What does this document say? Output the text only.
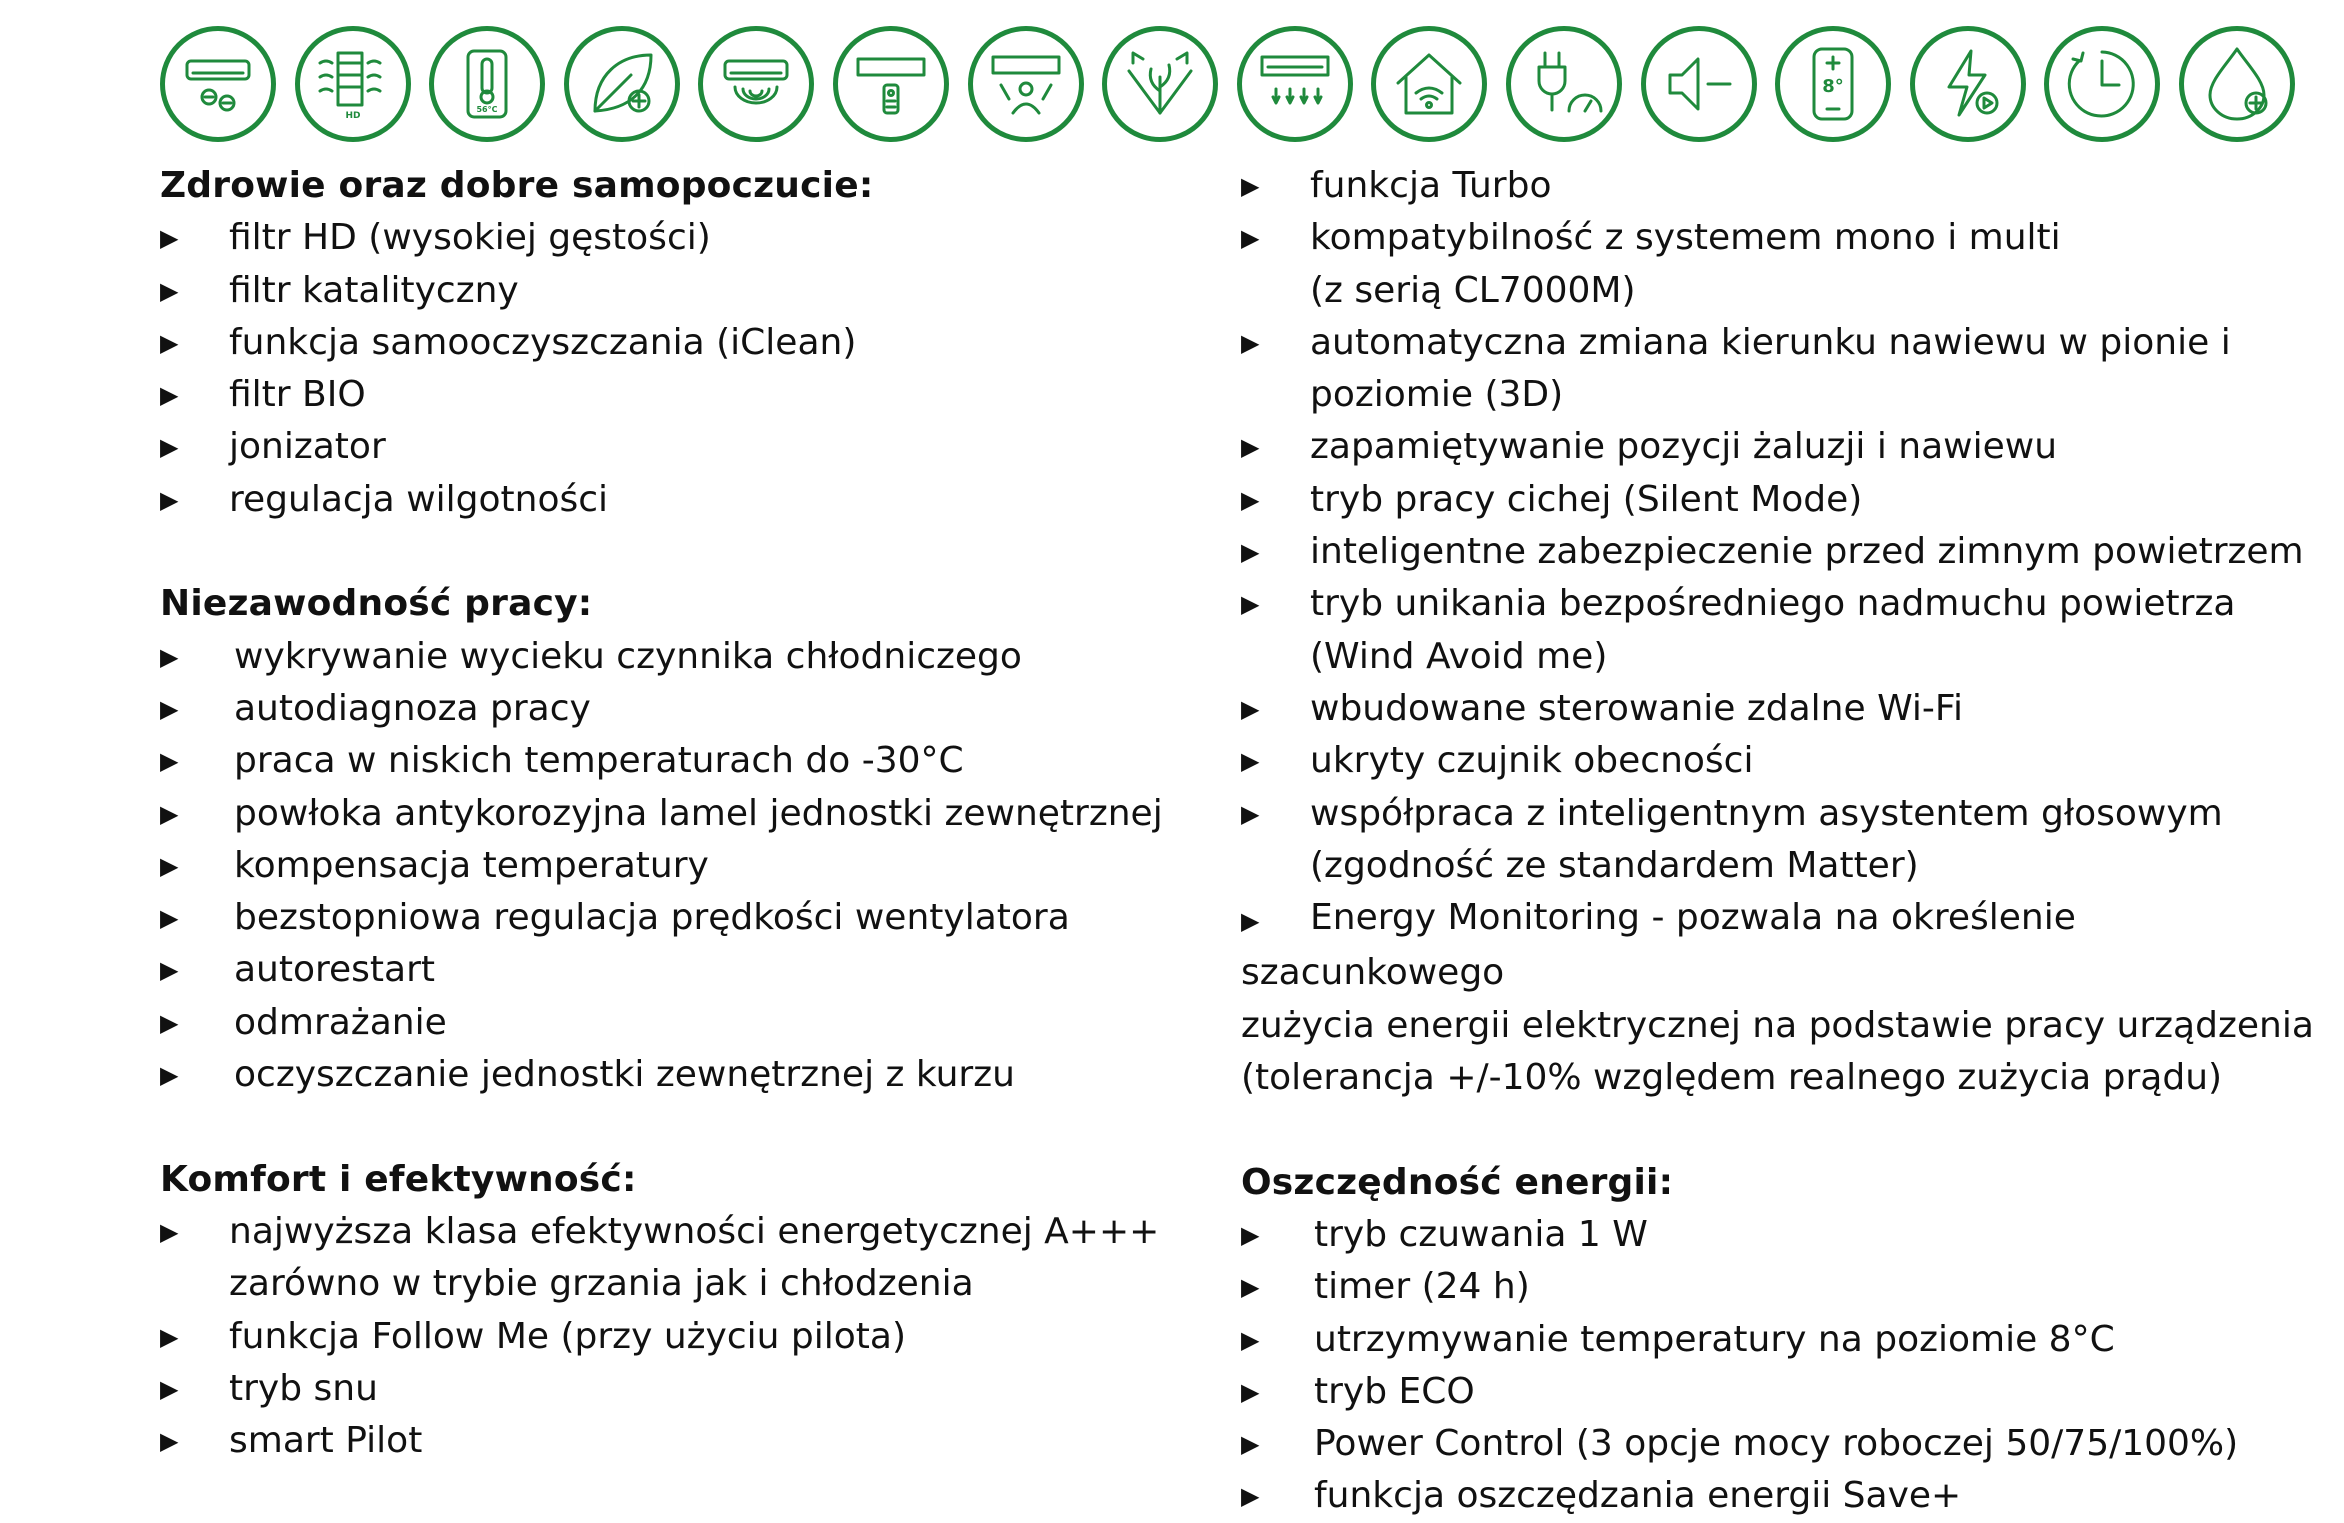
HD
56°C
8°
Zdrowie oraz dobre samopoczucie:
▶	filtr HD (wysokiej gęstości)
▶	filtr katalityczny
▶	funkcja samooczyszczania (iClean)
▶	filtr BIO
▶	jonizator
▶	regulacja wilgotności
Niezawodność pracy:
▶	wykrywanie wycieku czynnika chłodniczego
▶	autodiagnoza pracy
▶	praca w niskich temperaturach do -30°C
▶	powłoka antykorozyjna lamel jednostki zewnętrznej
▶	kompensacja temperatury
▶	bezstopniowa regulacja prędkości wentylatora
▶	autorestart
▶	odmrażanie
▶	oczyszczanie jednostki zewnętrznej z kurzu
Komfort i efektywność:
▶	najwyższa klasa efektywności energetycznej A+++
zarówno w trybie grzania jak i chłodzenia
▶	funkcja Follow Me (przy użyciu pilota)
▶	tryb snu
▶	smart Pilot
▶	funkcja Turbo
▶	kompatybilność z systemem mono i multi
(z serią CL7000M)
▶	automatyczna zmiana kierunku nawiewu w pionie i
poziomie (3D)
▶	zapamiętywanie pozycji żaluzji i nawiewu
▶	tryb pracy cichej (Silent Mode)
▶	inteligentne zabezpieczenie przed zimnym powietrzem
▶	tryb unikania bezpośredniego nadmuchu powietrza
(Wind Avoid me)
▶	wbudowane sterowanie zdalne Wi-Fi
▶	ukryty czujnik obecności
▶	współpraca z inteligentnym asystentem głosowym
(zgodność ze standardem Matter)
▶ Energy Monitoring - pozwala na określenie szacunkowego
zużycia energii elektrycznej na podstawie pracy urządzenia
(tolerancja +/-10% względem realnego zużycia prądu)
Oszczędność energii:
▶	tryb czuwania 1 W
▶	timer (24 h)
▶	utrzymywanie temperatury na poziomie 8°C
▶	tryb ECO
▶	Power Control (3 opcje mocy roboczej 50/75/100%)
▶	funkcja oszczędzania energii Save+
